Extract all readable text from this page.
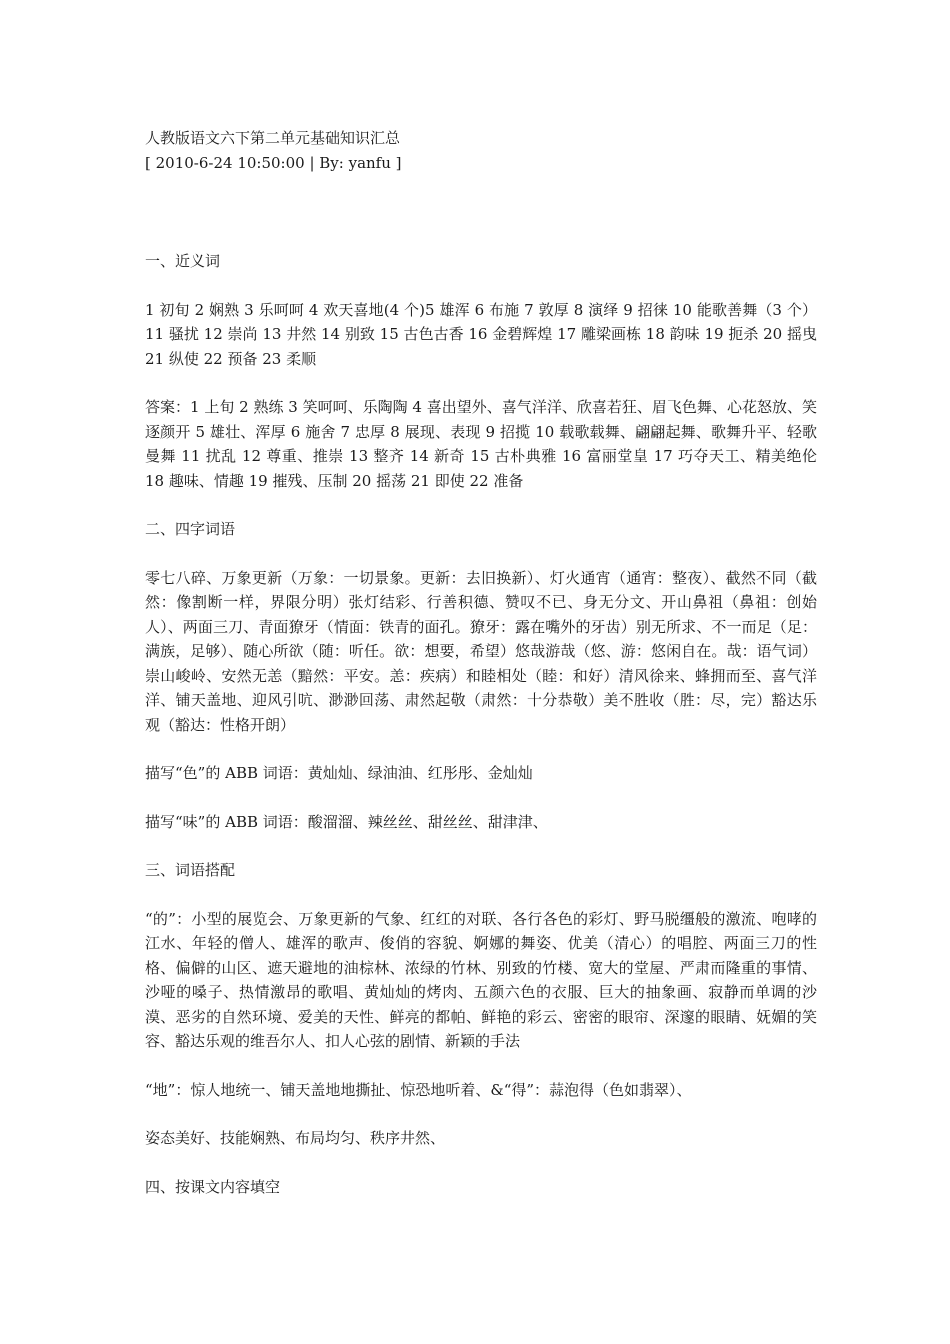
人教版语文六下第二单元基础知识汇总

[ 2010-6-24 10:50:00 | By: yanfu ]

一、近义词

1 初旬 2 娴熟 3 乐呵呵 4 欢天喜地(4 个)5 雄浑 6 布施 7 敦厚 8 演绎 9 招徕 10 能歌善舞（3 个）11 骚扰 12 崇尚 13 井然 14 别致 15 古色古香 16 金碧辉煌 17 雕梁画栋 18 韵味 19 扼杀 20 摇曳 21 纵使 22 预备 23 柔顺

答案：1 上旬 2 熟练 3 笑呵呵、乐陶陶 4 喜出望外、喜气洋洋、欣喜若狂、眉飞色舞、心花怒放、笑逐颜开 5 雄壮、浑厚 6 施舍 7 忠厚 8 展现、表现 9 招揽 10 载歌载舞、翩翩起舞、歌舞升平、轻歌曼舞 11 扰乱 12 尊重、推崇 13 整齐 14 新奇 15 古朴典雅 16 富丽堂皇 17 巧夺天工、精美绝伦 18 趣味、情趣 19 摧残、压制 20 摇荡 21 即使 22 准备

二、四字词语

零七八碎、万象更新（万象：一切景象。更新：去旧换新）、灯火通宵（通宵：整夜）、截然不同（截然：像割断一样，界限分明）张灯结彩、行善积德、赞叹不已、身无分文、开山鼻祖（鼻祖：创始人）、两面三刀、青面獠牙（情面：铁青的面孔。獠牙：露在嘴外的牙齿）别无所求、不一而足（足：满族，足够）、随心所欲（随：听任。欲：想要，希望）悠哉游哉（悠、游：悠闲自在。哉：语气词）崇山峻岭、安然无恙（黯然：平安。恙：疾病）和睦相处（睦：和好）清风徐来、蜂拥而至、喜气洋洋、铺天盖地、迎风引吭、渺渺回荡、肃然起敬（肃然：十分恭敬）美不胜收（胜：尽，完）豁达乐观（豁达：性格开朗）

描写“色”的 ABB 词语：黄灿灿、绿油油、红彤彤、金灿灿

描写“味”的 ABB 词语：酸溜溜、辣丝丝、甜丝丝、甜津津、

三、词语搭配

“的”：小型的展览会、万象更新的气象、红红的对联、各行各色的彩灯、野马脱缰般的激流、咆哮的江水、年轻的僧人、雄浑的歌声、俊俏的容貌、婀娜的舞姿、优美（清心）的唱腔、两面三刀的性格、偏僻的山区、遮天避地的油棕林、浓绿的竹林、别致的竹楼、宽大的堂屋、严肃而隆重的事情、沙哑的嗓子、热情激昂的歌唱、黄灿灿的烤肉、五颜六色的衣服、巨大的抽象画、寂静而单调的沙漠、恶劣的自然环境、爱美的天性、鲜亮的都帕、鲜艳的彩云、密密的眼帘、深邃的眼睛、妩媚的笑容、豁达乐观的维吾尔人、扣人心弦的剧情、新颖的手法

“地”：惊人地统一、铺天盖地地撕扯、惊恐地听着、&“得”：蒜泡得（色如翡翠）、

姿态美好、技能娴熟、布局均匀、秩序井然、

四、按课文内容填空
